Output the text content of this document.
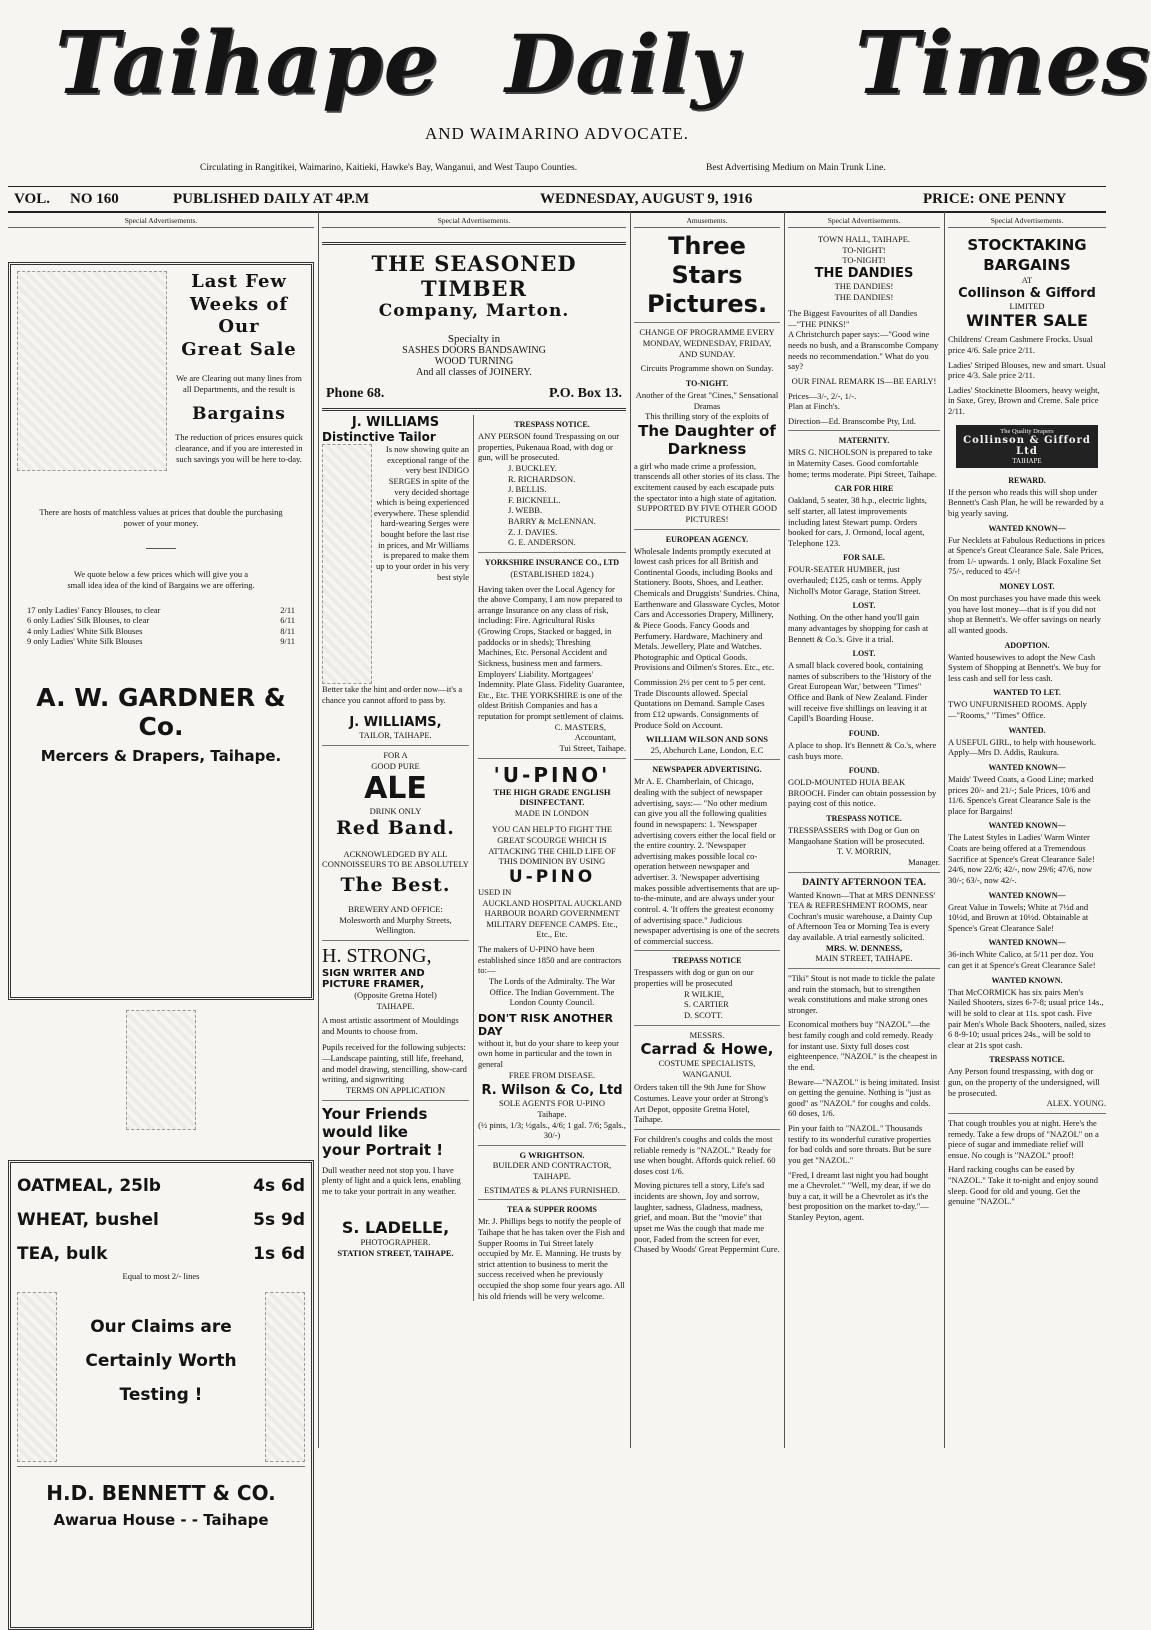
Taihape Daily Times
AND WAIMARINO ADVOCATE.
Circulating in Rangitikei, Waimarino, Kaitieki, Hawke's Bay, Wanganui, and West Taupo Counties.	Best Advertising Medium on Main Trunk Line.
VOL. NO 160	PUBLISHED DAILY AT 4P.M	WEDNESDAY, AUGUST 9, 1916	PRICE: ONE PENNY
Special Advertisements.
Last Few
Weeks of Our
Great Sale
We are Clearing out many lines from all Departments, and the result is
Bargains
The reduction of prices ensures quick clearance, and if you are interested in such savings you will be here to-day.
There are hosts of matchless values at prices that double the purchasing power of your money.
We quote below a few prices which will give you a small idea idea of the kind of Bargains we are offering.
17 only Ladies' Fancy Blouses, to clear	2/11
6 only Ladies' Silk Blouses, to clear	6/11
4 only Ladies' White Silk Blouses	8/11
9 only Ladies' White Silk Blouses	9/11
A. W. GARDNER & Co.
Mercers & Drapers, Taihape.
OATMEAL, 25lb	4s 6d
WHEAT, bushel	5s 9d
TEA, bulk	1s 6d
Equal to most 2/- lines
Our Claims are
Certainly Worth
Testing !
H.D. BENNETT & CO.
Awarua House - - Taihape
Special Advertisements.
THE SEASONED TIMBER
Company, Marton.
Specialty in
SASHES DOORS BANDSAWING
WOOD TURNING
And all classes of JOINERY.
Phone 68.	P.O. Box 13.
J. WILLIAMS
Distinctive Tailor
Is now showing quite an exceptional range of the very best INDIGO SERGES in spite of the very decided shortage which is being experienced everywhere. These splendid hard-wearing Serges were bought before the last rise in prices, and Mr Williams is prepared to make them up to your order in his very best style
Better take the hint and order now—it's a chance you cannot afford to pass by.
J. WILLIAMS,
TAILOR, TAIHAPE.
FOR A
GOOD PURE
ALE
DRINK ONLY
Red Band.
ACKNOWLEDGED BY ALL CONNOISSEURS TO BE ABSOLUTELY
The Best.
BREWERY AND OFFICE:
Molesworth and Murphy Streets, Wellington.
H. STRONG,
SIGN WRITER AND PICTURE FRAMER,
(Opposite Gretna Hotel)
TAIHAPE.
A most artistic assortment of Mouldings and Mounts to choose from.
Pupils received for the following subjects:—Landscape painting, still life, freehand, and model drawing, stencilling, show-card writing, and signwriting
TERMS ON APPLICATION
Your Friends
would like
your Portrait !
Dull weather need not stop you. I have plenty of light and a quick lens, enabling me to take your portrait in any weather.
S. LADELLE,
PHOTOGRAPHER.
STATION STREET, TAIHAPE.
TRESPASS NOTICE.
ANY PERSON found Trespassing on our properties, Pukenaua Road, with dog or gun, will be prosecuted.
J. BUCKLEY.
R. RICHARDSON.
J. BELLIS.
F. BICKNELL.
J. WEBB.
BARRY & McLENNAN.
Z. J. DAVIES.
G. E. ANDERSON.
YORKSHIRE INSURANCE CO., LTD
(ESTABLISHED 1824.)
Having taken over the Local Agency for the above Company, I am now prepared to arrange Insurance on any class of risk, including: Fire. Agricultural Risks (Growing Crops, Stacked or bagged, in paddocks or in sheds); Threshing Machines, Etc. Personal Accident and Sickness, business men and farmers. Employers' Liability. Mortgagees' Indemnity. Plate Glass. Fidelity Guarantee, Etc., Etc. THE YORKSHIRE is one of the oldest British Companies and has a reputation for prompt settlement of claims.
C. MASTERS,
Accountant,
Tui Street, Taihape.
'U-PINO'
THE HIGH GRADE ENGLISH
DISINFECTANT.
MADE IN LONDON
YOU CAN HELP TO FIGHT THE GREAT SCOURGE WHICH IS ATTACKING THE CHILD LIFE OF THIS DOMINION BY USING
U-PINO
USED IN
AUCKLAND HOSPITAL AUCKLAND HARBOUR BOARD GOVERNMENT MILITARY DEFENCE CAMPS. Etc., Etc., Etc.
The makers of U-PINO have been established since 1850 and are contractors to:—
The Lords of the Admiralty. The War Office. The Indian Government. The London County Council.
DON'T RISK ANOTHER DAY
without it, but do your share to keep your own home in particular and the town in general
FREE FROM DISEASE.
R. Wilson & Co, Ltd
SOLE AGENTS FOR U-PINO
Taihape.
(½ pints, 1/3; ½gals., 4/6; 1 gal. 7/6; 5gals., 30/-)
G WRIGHTSON.
BUILDER AND CONTRACTOR, TAIHAPE.
ESTIMATES & PLANS FURNISHED.
TEA & SUPPER ROOMS
Mr. J. Phillips begs to notify the people of Taihape that he has taken over the Fish and Supper Rooms in Tui Street lately occupied by Mr. E. Manning. He trusts by strict attention to business to merit the success received when he previously occupied the shop some four years ago. All his old friends will be very welcome.
Amusements.
Three Stars
Pictures.
CHANGE OF PROGRAMME EVERY MONDAY, WEDNESDAY, FRIDAY, AND SUNDAY.
Circuits Programme shown on Sunday.
TO-NIGHT.
Another of the Great "Cines," Sensational Dramas
This thrilling story of the exploits of
The Daughter of
Darkness
a girl who made crime a profession, transcends all other stories of its class. The excitement caused by each escapade puts the spectator into a high state of agitation.
SUPPORTED BY FIVE OTHER GOOD PICTURES!
EUROPEAN AGENCY.
Wholesale Indents promptly executed at lowest cash prices for all British and Continental Goods, including Books and Stationery. Boots, Shoes, and Leather. Chemicals and Druggists' Sundries. China, Earthenware and Glassware Cycles, Motor Cars and Accessories Drapery, Millinery, & Piece Goods. Fancy Goods and Perfumery. Hardware, Machinery and Metals. Jewellery, Plate and Watches. Photographic and Optical Goods. Provisions and Oilmen's Stores. Etc., etc.
Commission 2½ per cent to 5 per cent. Trade Discounts allowed. Special Quotations on Demand. Sample Cases from £12 upwards. Consignments of Produce Sold on Account.
WILLIAM WILSON AND SONS
25, Abchurch Lane, London, E.C
NEWSPAPER ADVERTISING.
Mr A. E. Chamberlain, of Chicago, dealing with the subject of newspaper advertising, says:— "No other medium can give you all the following qualities found in newspapers: 1. 'Newspaper advertising covers either the local field or the entire country. 2. 'Newspaper advertising makes possible local co-operation between newspaper and advertiser. 3. 'Newspaper advertising makes possible advertisements that are up-to-the-minute, and are always under your control. 4. 'It offers the greatest economy of advertising space." Judicious newspaper advertising is one of the secrets of commercial success.
TREPASS NOTICE
Trespassers with dog or gun on our properties will be prosecuted
R WILKIE,
S. CARTIER
D. SCOTT.
MESSRS.
Carrad & Howe,
COSTUME SPECIALISTS, WANGANUI.
Orders taken till the 9th June for Show Costumes. Leave your order at Strong's Art Depot, opposite Gretna Hotel, Taihape.
For children's coughs and colds the most reliable remedy is "NAZOL." Ready for use when bought. Affords quick relief. 60 doses cost 1/6.
Moving pictures tell a story, Life's sad incidents are shown, Joy and sorrow, laughter, sadness, Gladness, madness, grief, and moan. But the "movie" that upset me Was the cough that made me poor, Faded from the screen for ever, Chased by Woods' Great Peppermint Cure.
Special Advertisements.
TOWN HALL, TAIHAPE.
TO-NIGHT!
TO-NIGHT!
THE DANDIES
THE DANDIES!
THE DANDIES!
The Biggest Favourites of all Dandies—"THE PINKS!"
A Christchurch paper says:—"Good wine needs no bush, and a Branscombe Company needs no recommendation." What do you say?
OUR FINAL REMARK IS—BE EARLY!
Prices—3/-, 2/-, 1/-.
Plan at Finch's.
Direction—Ed. Branscombe Pty, Ltd.
MATERNITY.
MRS G. NICHOLSON is prepared to take in Maternity Cases. Good comfortable home; terms moderate. Pipi Street, Taihape.
CAR FOR HIRE
Oakland, 5 seater, 38 h.p., electric lights, self starter, all latest improvements including latest Stewart pump. Orders booked for cars, J. Ormond, local agent, Telephone 123.
FOR SALE.
FOUR-SEATER HUMBER, just overhauled; £125, cash or terms. Apply Nicholl's Motor Garage, Station Street.
LOST.
Nothing. On the other hand you'll gain many advantages by shopping for cash at Bennett & Co.'s. Give it a trial.
LOST.
A small black covered book, containing names of subscribers to the 'History of the Great European War,' between "Times" Office and Bank of New Zealand. Finder will receive five shillings on leaving it at Capill's Boarding House.
FOUND.
A place to shop. It's Bennett & Co.'s, where cash buys more.
FOUND.
GOLD-MOUNTED HUIA BEAK BROOCH. Finder can obtain possession by paying cost of this notice.
TRESPASS NOTICE.
TRESSPASSERS with Dog or Gun on Mangaohane Station will be prosecuted.
T. V. MORRIN,
Manager.
DAINTY AFTERNOON TEA.
Wanted Known—That at MRS DENNESS' TEA & REFRESHMENT ROOMS, near Cochran's music warehouse, a Dainty Cup of Afternoon Tea or Morning Tea is every day available. A trial earnestly solicited.
MRS. W. DENNESS,
MAIN STREET, TAIHAPE.
"Tiki" Stout is not made to tickle the palate and ruin the stomach, but to strengthen weak constitutions and make strong ones stronger.
Economical mothers buy "NAZOL"—the best family cough and cold remedy. Ready for instant use. Sixty full doses cost eighteenpence. "NAZOL" is the cheapest in the end.
Beware—"NAZOL" is being imitated. Insist on getting the genuine. Nothing is "just as good" as "NAZOL" for coughs and colds. 60 doses, 1/6.
Pin your faith to "NAZOL." Thousands testify to its wonderful curative properties for bad colds and sore throats. But be sure you get "NAZOL."
"Fred, I dreamt last night you had bought me a Chevrolet." "Well, my dear, if we do buy a car, it will be a Chevrolet as it's the best proposition on the market to-day."—Stanley Peyton, agent.
Special Advertisements.
STOCKTAKING
BARGAINS
AT
Collinson & Gifford
LIMITED
WINTER SALE
Childrens' Cream Cashmere Frocks. Usual price 4/6. Sale price 2/11.
Ladies' Striped Blouses, new and smart. Usual price 4/3. Sale price 2/11.
Ladies' Stockinette Bloomers, heavy weight, in Saxe, Grey, Brown and Creme. Sale price 2/11.
The Quality Drapers
Collinson & Gifford Ltd
TAIHAPE
REWARD.
If the person who reads this will shop under Bennett's Cash Plan, he will be rewarded by a big yearly saving.
WANTED KNOWN—
Fur Necklets at Fabulous Reductions in prices at Spence's Great Clearance Sale. Sale Prices, from 1/- upwards. 1 only, Black Foxaline Set 75/-, reduced to 45/-!
MONEY LOST.
On most purchases you have made this week you have lost money—that is if you did not shop at Bennett's. We offer savings on nearly all wanted goods.
ADOPTION.
Wanted housewives to adopt the New Cash System of Shopping at Bennett's. We buy for less cash and sell for less cash.
WANTED TO LET.
TWO UNFURNISHED ROOMS. Apply—"Rooms," "Times" Office.
WANTED.
A USEFUL GIRL, to help with housework. Apply—Mrs D. Addis, Raukura.
WANTED KNOWN—
Maids' Tweed Coats, a Good Line; marked prices 20/- and 21/-; Sale Prices, 10/6 and 11/6. Spence's Great Clearance Sale is the place for Bargains!
WANTED KNOWN—
The Latest Styles in Ladies' Warm Winter Coats are being offered at a Tremendous Sacrifice at Spence's Great Clearance Sale! 24/6, now 22/6; 42/-, now 29/6; 47/6, now 30/-; 63/-, now 42/-.
WANTED KNOWN—
Great Value in Towels; White at 7½d and 10½d, and Brown at 10½d. Obtainable at Spence's Great Clearance Sale!
WANTED KNOWN—
36-inch White Calico, at 5/11 per doz. You can get it at Spence's Great Clearance Sale!
WANTED KNOWN.
That McCORMICK has six pairs Men's Nailed Shooters, sizes 6-7-8; usual price 14s., will be sold to clear at 11s. spot cash. Five pair Men's Whole Back Shooters, nailed, sizes 6 8-9-10; usual prices 24s., will be sold to clear at 21s spot cash.
TRESPASS NOTICE.
Any Person found trespassing, with dog or gun, on the property of the undersigned, will be prosecuted.
ALEX. YOUNG.
That cough troubles you at night. Here's the remedy. Take a few drops of "NAZOL" on a piece of sugar and immediate relief will ensue. No cough is "NAZOL" proof!
Hard racking coughs can be eased by "NAZOL." Take it to-night and enjoy sound sleep. Good for old and young. Get the genuine "NAZOL."
